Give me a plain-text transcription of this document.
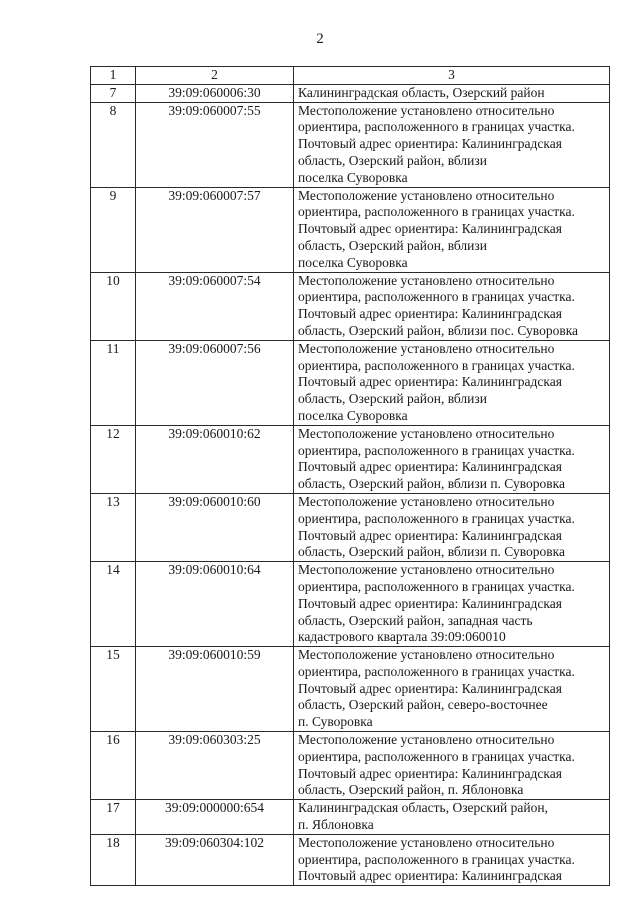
2
1	2	3
7	39:09:060006:30	Калининградская область, Озерский район
8	39:09:060007:55	Местоположение установлено относительно
ориентира, расположенного в границах участка.
Почтовый адрес ориентира: Калининградская
область, Озерский район, вблизи
поселка Суворовка
9	39:09:060007:57	Местоположение установлено относительно
ориентира, расположенного в границах участка.
Почтовый адрес ориентира: Калининградская
область, Озерский район, вблизи
поселка Суворовка
10	39:09:060007:54	Местоположение установлено относительно
ориентира, расположенного в границах участка.
Почтовый адрес ориентира: Калининградская
область, Озерский район, вблизи пос. Суворовка
11	39:09:060007:56	Местоположение установлено относительно
ориентира, расположенного в границах участка.
Почтовый адрес ориентира: Калининградская
область, Озерский район, вблизи
поселка Суворовка
12	39:09:060010:62	Местоположение установлено относительно
ориентира, расположенного в границах участка.
Почтовый адрес ориентира: Калининградская
область, Озерский район, вблизи п. Суворовка
13	39:09:060010:60	Местоположение установлено относительно
ориентира, расположенного в границах участка.
Почтовый адрес ориентира: Калининградская
область, Озерский район, вблизи п. Суворовка
14	39:09:060010:64	Местоположение установлено относительно
ориентира, расположенного в границах участка.
Почтовый адрес ориентира: Калининградская
область, Озерский район, западная часть
кадастрового квартала 39:09:060010
15	39:09:060010:59	Местоположение установлено относительно
ориентира, расположенного в границах участка.
Почтовый адрес ориентира: Калининградская
область, Озерский район, северо-восточнее
п. Суворовка
16	39:09:060303:25	Местоположение установлено относительно
ориентира, расположенного в границах участка.
Почтовый адрес ориентира: Калининградская
область, Озерский район, п. Яблоновка
17	39:09:000000:654	Калининградская область, Озерский район,
п. Яблоновка
18	39:09:060304:102	Местоположение установлено относительно
ориентира, расположенного в границах участка.
Почтовый адрес ориентира: Калининградская
